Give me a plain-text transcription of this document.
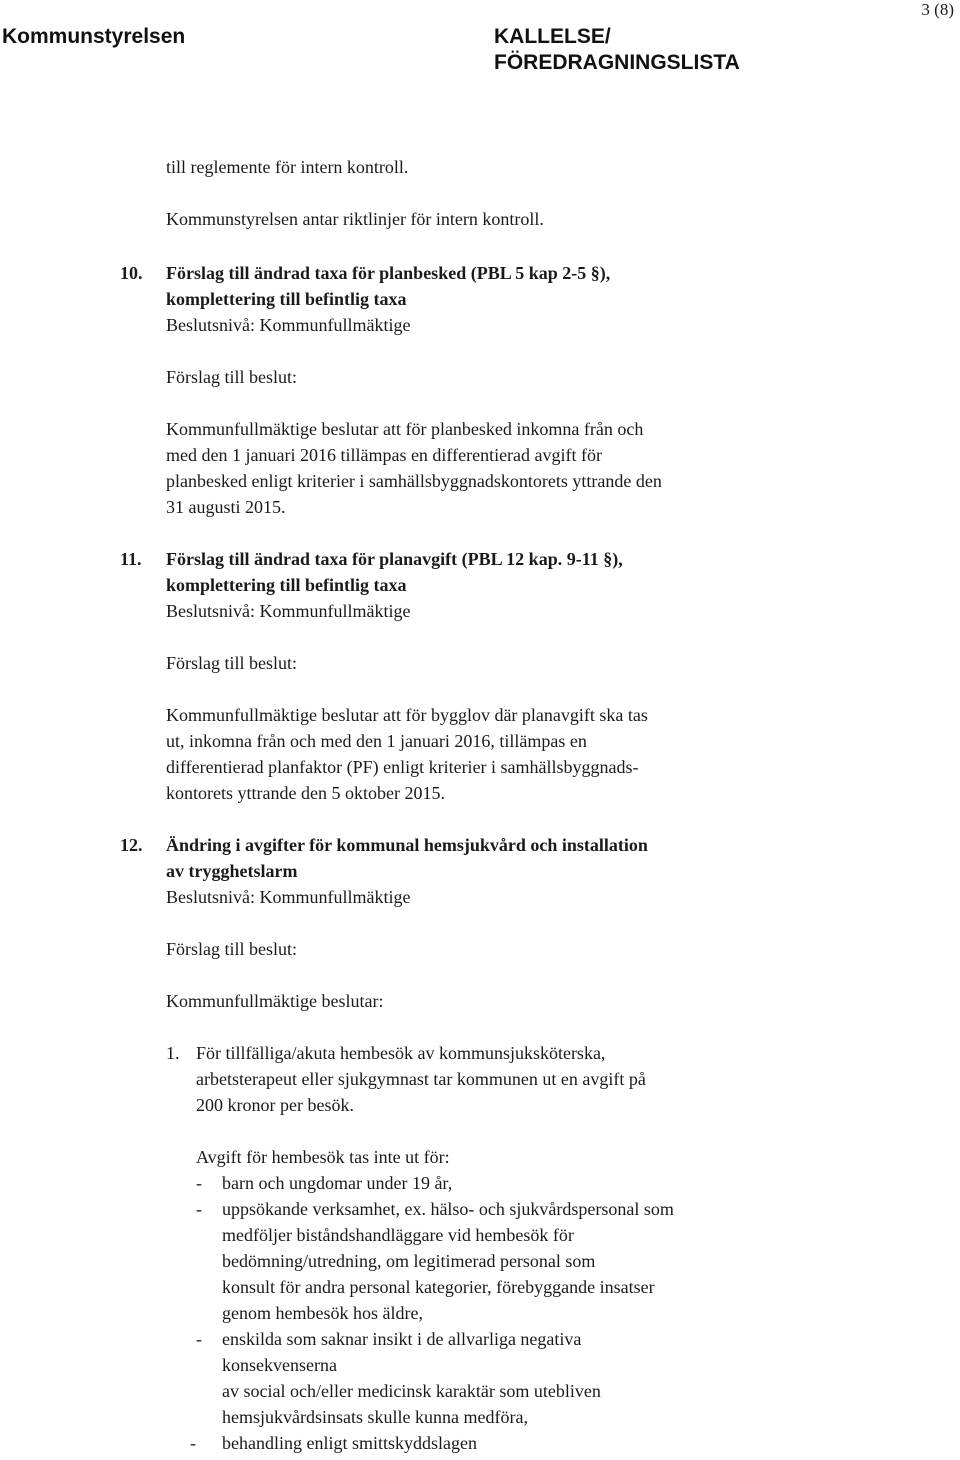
Kommunstyrelsen	KALLELSE/
FÖREDRAGNINGSLISTA
3 (8)
till reglemente för intern kontroll.
Kommunstyrelsen antar riktlinjer för intern kontroll.
10. Förslag till ändrad taxa för planbesked (PBL 5 kap 2-5 §),
komplettering till befintlig taxa
Beslutsnivå: Kommunfullmäktige
Förslag till beslut:
Kommunfullmäktige beslutar att för planbesked inkomna från och
med den 1 januari 2016 tillämpas en differentierad avgift för
planbesked enligt kriterier i samhällsbyggnadskontorets yttrande den
31 augusti 2015.
11. Förslag till ändrad taxa för planavgift (PBL 12 kap. 9-11 §),
komplettering till befintlig taxa
Beslutsnivå: Kommunfullmäktige
Förslag till beslut:
Kommunfullmäktige beslutar att för bygglov där planavgift ska tas
ut, inkomna från och med den 1 januari 2016, tillämpas en
differentierad planfaktor (PF) enligt kriterier i samhällsbyggnads-
kontorets yttrande den 5 oktober 2015.
12. Ändring i avgifter för kommunal hemsjukvård och installation
av trygghetslarm
Beslutsnivå: Kommunfullmäktige
Förslag till beslut:
Kommunfullmäktige beslutar:
1. För tillfälliga/akuta hembesök av kommunsjuksköterska,
arbetsterapeut eller sjukgymnast tar kommunen ut en avgift på
200 kronor per besök.
Avgift för hembesök tas inte ut för:
- barn och ungdomar under 19 år,
- uppsökande verksamhet, ex. hälso- och sjukvårdspersonal som
medföljer biståndshandläggare vid hembesök för
bedömning/utredning, om legitimerad personal som
konsult för andra personal kategorier, förebyggande insatser
genom hembesök hos äldre,
- enskilda som saknar insikt i de allvarliga negativa
konsekvenserna
av social och/eller medicinsk karaktär som utebliven
hemsjukvårdsinsats skulle kunna medföra,
- behandling enligt smittskyddslagen
